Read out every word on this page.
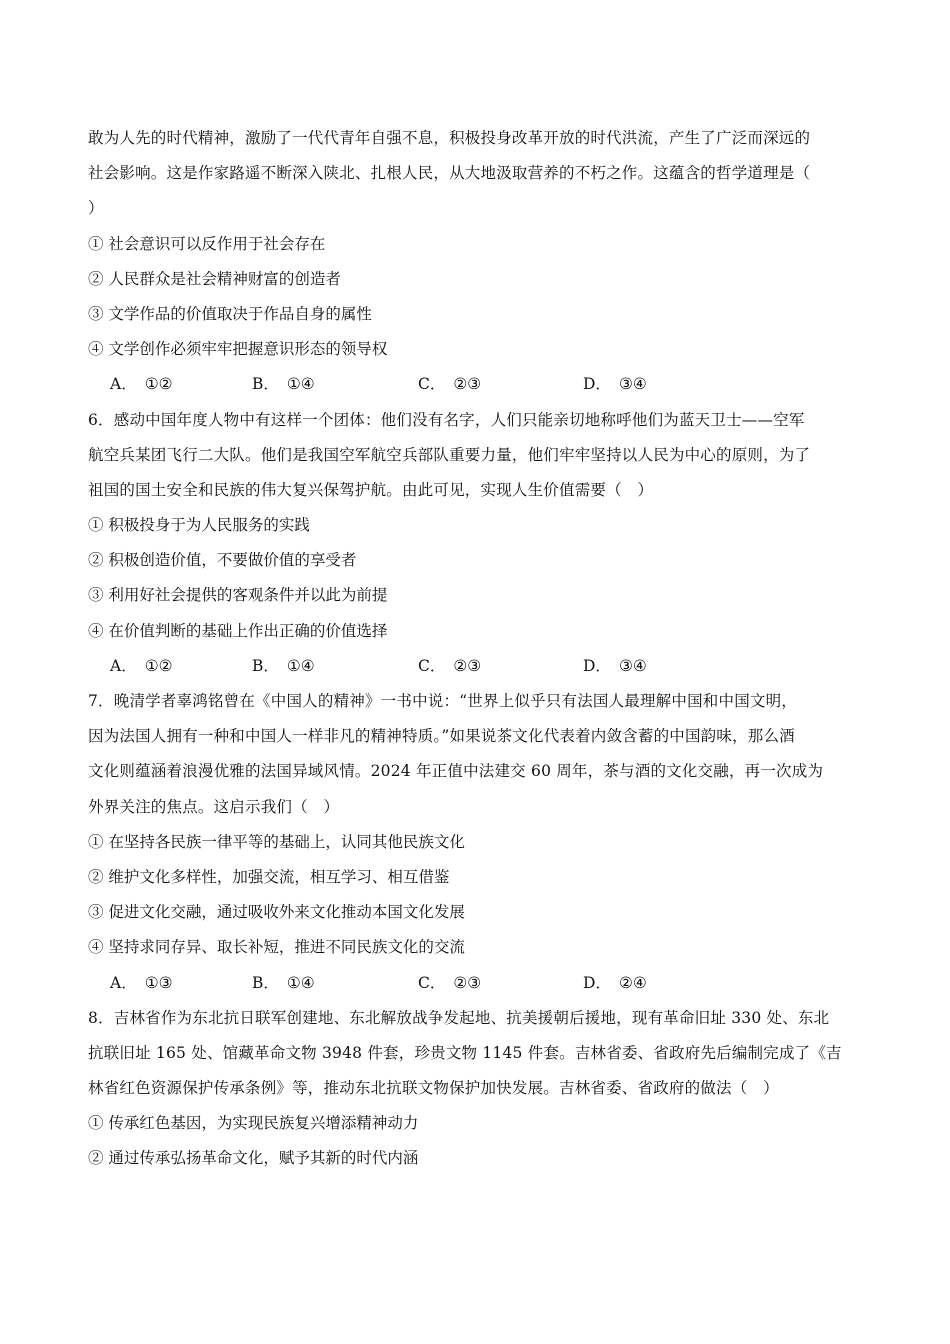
敢为人先的时代精神，激励了一代代青年自强不息，积极投身改革开放的时代洪流，产生了广泛而深远的
社会影响。这是作家路遥不断深入陕北、扎根人民，从大地汲取营养的不朽之作。这蕴含的哲学道理是（
）
① 社会意识可以反作用于社会存在
② 人民群众是社会精神财富的创造者
③ 文学作品的价值取决于作品自身的属性
④ 文学创作必须牢牢把握意识形态的领导权
A． ①②	B． ①④	C． ②③	D． ③④
6．感动中国年度人物中有这样一个团体：他们没有名字，人们只能亲切地称呼他们为蓝天卫士——空军
航空兵某团飞行二大队。他们是我国空军航空兵部队重要力量，他们牢牢坚持以人民为中心的原则，为了
祖国的国土安全和民族的伟大复兴保驾护航。由此可见，实现人生价值需要（　）
① 积极投身于为人民服务的实践
② 积极创造价值，不要做价值的享受者
③ 利用好社会提供的客观条件并以此为前提
④ 在价值判断的基础上作出正确的价值选择
A． ①②	B． ①④	C． ②③	D． ③④
7．晚清学者辜鸿铭曾在《中国人的精神》一书中说：“世界上似乎只有法国人最理解中国和中国文明，
因为法国人拥有一种和中国人一样非凡的精神特质。”如果说茶文化代表着内敛含蓄的中国韵味，那么酒
文化则蕴涵着浪漫优雅的法国异域风情。2024 年正值中法建交 60 周年，茶与酒的文化交融，再一次成为
外界关注的焦点。这启示我们（　）
① 在坚持各民族一律平等的基础上，认同其他民族文化
② 维护文化多样性，加强交流，相互学习、相互借鉴
③ 促进文化交融，通过吸收外来文化推动本国文化发展
④ 坚持求同存异、取长补短，推进不同民族文化的交流
A． ①③	B． ①④	C． ②③	D． ②④
8．吉林省作为东北抗日联军创建地、东北解放战争发起地、抗美援朝后援地，现有革命旧址 330 处、东北
抗联旧址 165 处、馆藏革命文物 3948 件套，珍贵文物 1145 件套。吉林省委、省政府先后编制完成了《吉
林省红色资源保护传承条例》等，推动东北抗联文物保护加快发展。吉林省委、省政府的做法（　）
① 传承红色基因，为实现民族复兴增添精神动力
② 通过传承弘扬革命文化，赋予其新的时代内涵
